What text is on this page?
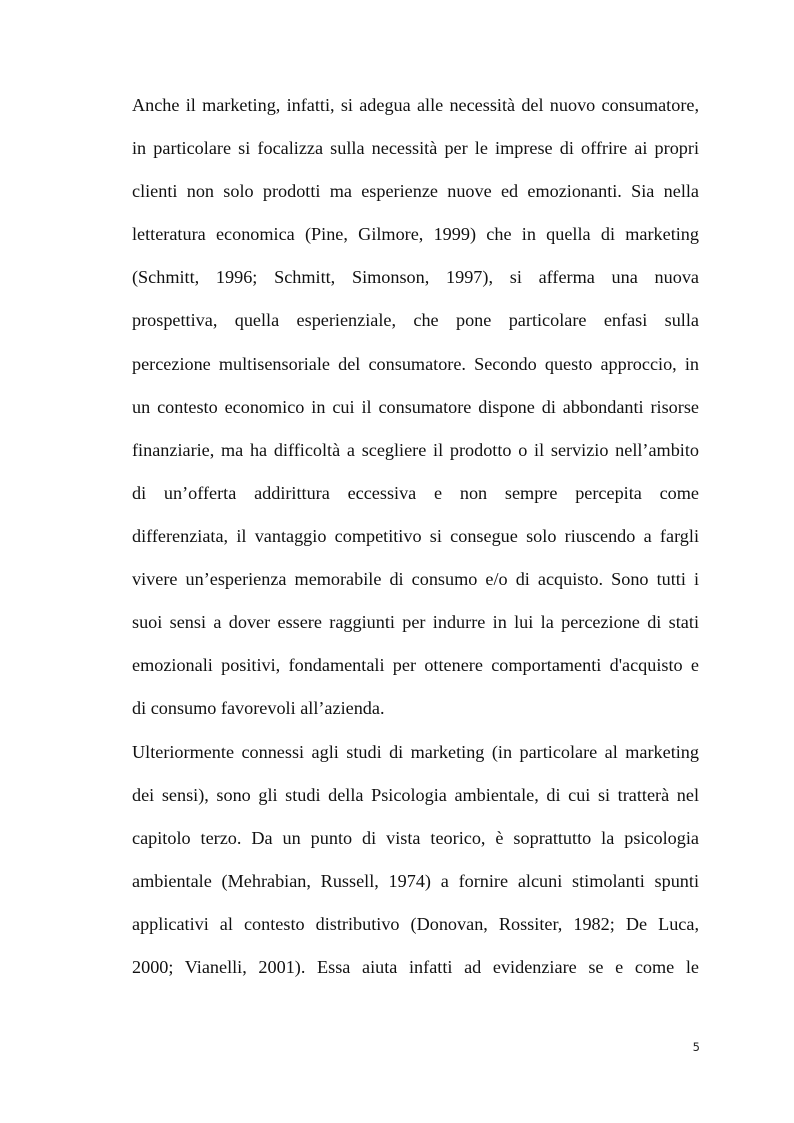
Anche il marketing, infatti, si adegua alle necessità del nuovo consumatore,
in particolare si focalizza sulla necessità per le imprese di offrire ai propri
clienti non solo prodotti ma esperienze nuove ed emozionanti. Sia nella
letteratura economica (Pine, Gilmore, 1999) che in quella di marketing
(Schmitt, 1996; Schmitt, Simonson, 1997), si afferma una nuova
prospettiva, quella esperienziale, che pone particolare enfasi sulla
percezione multisensoriale del consumatore. Secondo questo approccio, in
un contesto economico in cui il consumatore dispone di abbondanti risorse
finanziarie, ma ha difficoltà a scegliere il prodotto o il servizio nell’ambito
di un’offerta addirittura eccessiva e non sempre percepita come
differenziata, il vantaggio competitivo si consegue solo riuscendo a fargli
vivere un’esperienza memorabile di consumo e/o di acquisto. Sono tutti i
suoi sensi a dover essere raggiunti per indurre in lui la percezione di stati
emozionali positivi, fondamentali per ottenere comportamenti d'acquisto e
di consumo favorevoli all’azienda.
Ulteriormente connessi agli studi di marketing (in particolare al marketing
dei sensi), sono gli studi della Psicologia ambientale, di cui si tratterà nel
capitolo terzo. Da un punto di vista teorico, è soprattutto la psicologia
ambientale (Mehrabian, Russell, 1974) a fornire alcuni stimolanti spunti
applicativi al contesto distributivo (Donovan, Rossiter, 1982; De Luca,
2000; Vianelli, 2001). Essa aiuta infatti ad evidenziare se e come le
5
